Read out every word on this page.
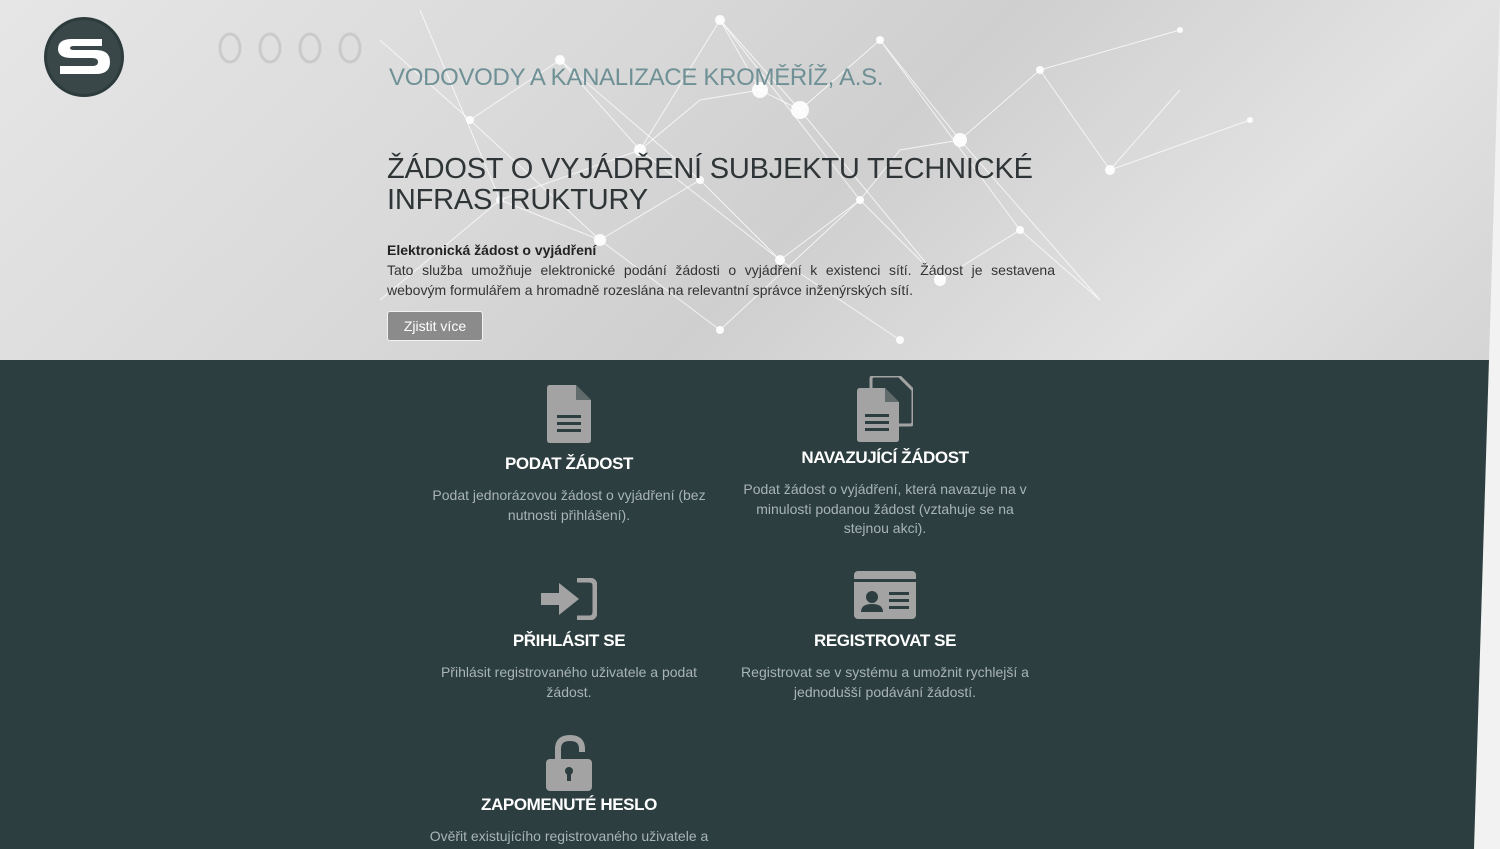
VODOVODY A KANALIZACE KROMĚŘÍŽ, A.S.
ŽÁDOST O VYJÁDŘENÍ SUBJEKTU TECHNICKÉ INFRASTRUKTURY
Elektronická žádost o vyjádření
Tato služba umožňuje elektronické podání žádosti o vyjádření k existenci sítí. Žádost je sestavena webovým formulářem a hromadně rozeslána na relevantní správce inženýrských sítí.
Zjistit více
PODAT ŽÁDOST
Podat jednorázovou žádost o vyjádření (bez nutnosti přihlášení).
NAVAZUJÍCÍ ŽÁDOST
Podat žádost o vyjádření, která navazuje na v minulosti podanou žádost (vztahuje se na stejnou akci).
PŘIHLÁSIT SE
Přihlásit registrovaného uživatele a podat žádost.
REGISTROVAT SE
Registrovat se v systému a umožnit rychlejší a jednodušší podávání žádostí.
ZAPOMENUTÉ HESLO
Ověřit existujícího registrovaného uživatele a
